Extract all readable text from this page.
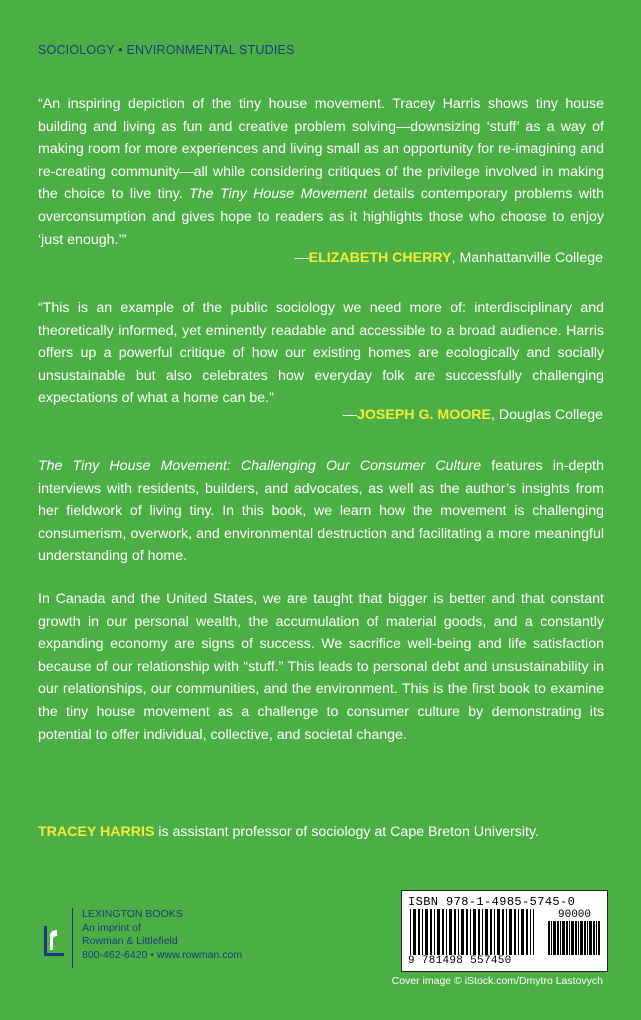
SOCIOLOGY • ENVIRONMENTAL STUDIES
“An inspiring depiction of the tiny house movement. Tracey Harris shows tiny house building and living as fun and creative problem solving—downsizing ‘stuff’ as a way of making room for more experiences and living small as an opportunity for re-imagining and re-creating community—all while considering critiques of the privilege involved in making the choice to live tiny. The Tiny House Movement details contemporary problems with overconsumption and gives hope to readers as it highlights those who choose to enjoy ‘just enough.’”
—ELIZABETH CHERRY, Manhattanville College
“This is an example of the public sociology we need more of: interdisciplinary and theoretically informed, yet eminently readable and accessible to a broad audience. Harris offers up a powerful critique of how our existing homes are ecologically and socially unsustainable but also celebrates how everyday folk are successfully challenging expectations of what a home can be.”
—JOSEPH G. MOORE, Douglas College
The Tiny House Movement: Challenging Our Consumer Culture features in-depth interviews with residents, builders, and advocates, as well as the author’s insights from her fieldwork of living tiny. In this book, we learn how the movement is challenging consumerism, overwork, and environmental destruction and facilitating a more meaningful understanding of home.
In Canada and the United States, we are taught that bigger is better and that constant growth in our personal wealth, the accumulation of material goods, and a constantly expanding economy are signs of success. We sacrifice well-being and life satisfaction because of our relationship with “stuff.” This leads to personal debt and unsustainability in our relationships, our communities, and the environment. This is the first book to examine the tiny house movement as a challenge to consumer culture by demonstrating its potential to offer individual, collective, and societal change.
TRACEY HARRIS is assistant professor of sociology at Cape Breton University.
LEXINGTON BOOKS
An imprint of
Rowman & Littlefield
800-462-6420 • www.rowman.com
ISBN 978-1-4985-5745-0
90000
9 781498 557450
Cover image © iStock.com/Dmytro Lastovych
